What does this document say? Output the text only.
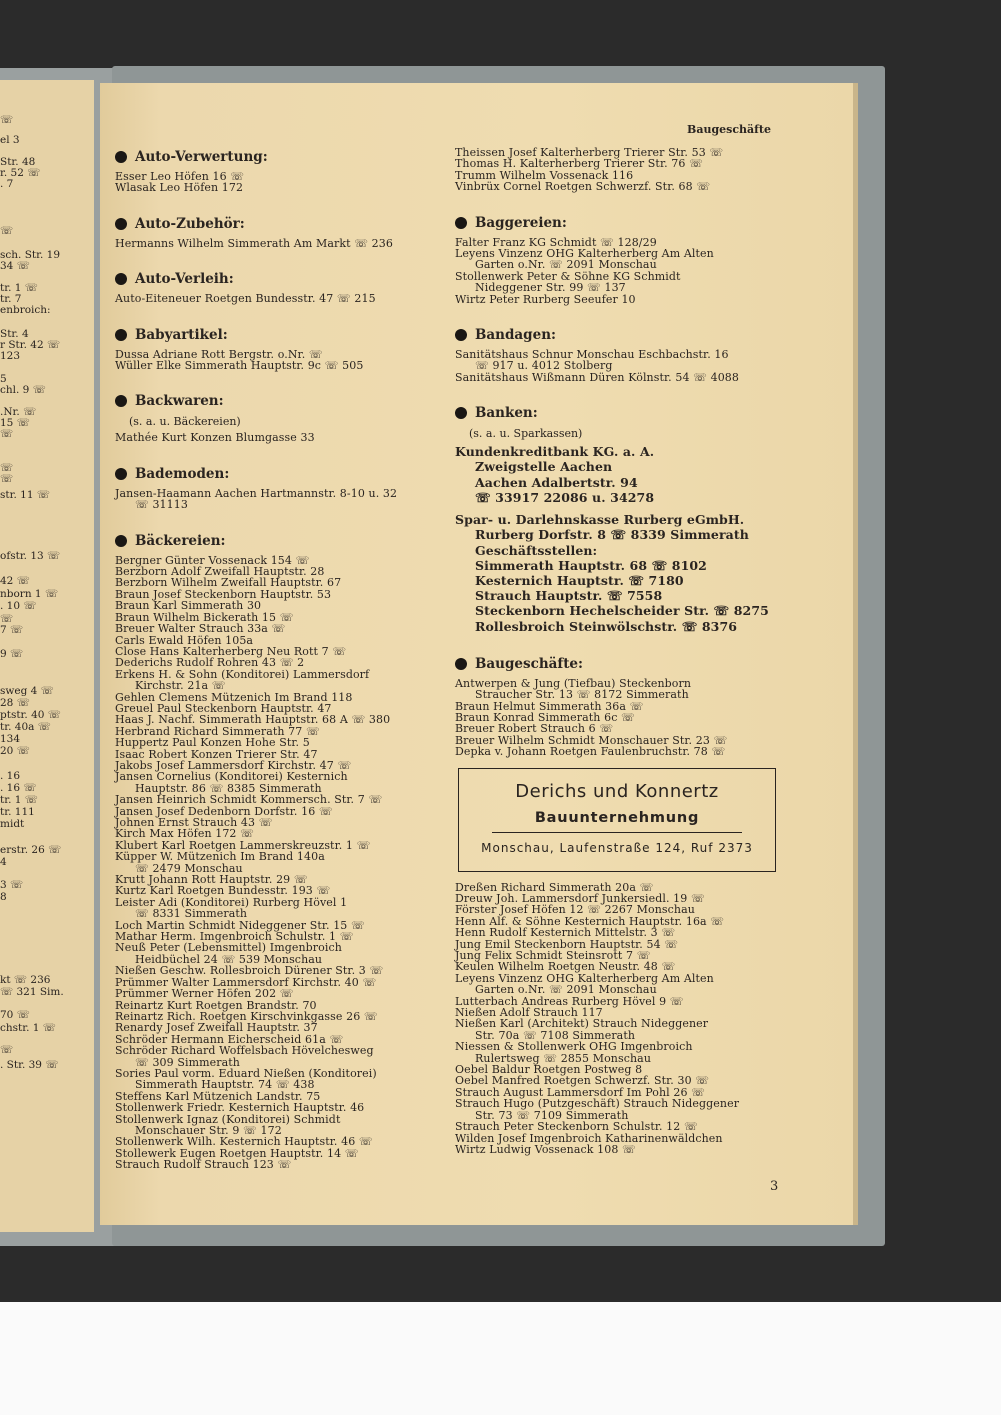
☏
el 3
Str. 48
r. 52 ☏
. 7
☏
sch. Str. 19
34 ☏
tr. 1 ☏
tr. 7
enbroich:
Str. 4
r Str. 42 ☏
123
5
chl. 9 ☏
.Nr. ☏
15 ☏
☏
☏
☏
str. 11 ☏
ofstr. 13 ☏
42 ☏
nborn 1 ☏
. 10 ☏
☏
7 ☏
9 ☏
sweg 4 ☏
28 ☏
ptstr. 40 ☏
tr. 40a ☏
134
20 ☏
. 16
. 16 ☏
tr. 1 ☏
tr. 111
midt
erstr. 26 ☏
4
3 ☏
8
kt ☏ 236
☏ 321 Sim.
70 ☏
chstr. 1 ☏
☏
. Str. 39 ☏
Baugeschäfte
Auto-Verwertung:
Esser Leo Höfen 16 ☏
Wlasak Leo Höfen 172
Auto-Zubehör:
Hermanns Wilhelm Simmerath Am Markt ☏ 236
Auto-Verleih:
Auto-Eitenеuer Roetgen Bundesstr. 47 ☏ 215
Babyartikel:
Dussa Adriane Rott Bergstr. o.Nr. ☏
Wüller Elke Simmerath Hauptstr. 9c ☏ 505
Backwaren:
(s. a. u. Bäckereien)
Mathée Kurt Konzen Blumgasse 33
Bademoden:
Jansen-Haamann Aachen Hartmannstr. 8-10 u. 32
☏ 31113
Bäckereien:
Bergner Günter Vossenack 154 ☏
Berzborn Adolf Zweifall Hauptstr. 28
Berzborn Wilhelm Zweifall Hauptstr. 67
Braun Josef Steckenborn Hauptstr. 53
Braun Karl Simmerath 30
Braun Wilhelm Bickerath 15 ☏
Breuer Walter Strauch 33a ☏
Carls Ewald Höfen 105a
Close Hans Kalterherberg Neu Rott 7 ☏
Dederichs Rudolf Rohren 43 ☏ 2
Erkens H. & Sohn (Konditorei) Lammersdorf
Kirchstr. 21a ☏
Gehlen Clemens Mützenich Im Brand 118
Greuel Paul Steckenborn Hauptstr. 47
Haas J. Nachf. Simmerath Hauptstr. 68 A ☏ 380
Herbrand Richard Simmerath 77 ☏
Huppertz Paul Konzen Hohe Str. 5
Isaac Robert Konzen Trierer Str. 47
Jakobs Josef Lammersdorf Kirchstr. 47 ☏
Jansen Cornelius (Konditorei) Kesternich
Hauptstr. 86 ☏ 8385 Simmerath
Jansen Heinrich Schmidt Kommersch. Str. 7 ☏
Jansen Josef Dedenborn Dorfstr. 16 ☏
Johnen Ernst Strauch 43 ☏
Kirch Max Höfen 172 ☏
Klubert Karl Roetgen Lammerskreuzstr. 1 ☏
Küpper W. Mützenich Im Brand 140a
☏ 2479 Monschau
Krutt Johann Rott Hauptstr. 29 ☏
Kurtz Karl Roetgen Bundesstr. 193 ☏
Leister Adi (Konditorei) Rurberg Hövel 1
☏ 8331 Simmerath
Loch Martin Schmidt Nideggener Str. 15 ☏
Mathar Herm. Imgenbroich Schulstr. 1 ☏
Neuß Peter (Lebensmittel) Imgenbroich
Heidbüchel 24 ☏ 539 Monschau
Nießen Geschw. Rollesbroich Dürener Str. 3 ☏
Prümmer Walter Lammersdorf Kirchstr. 40 ☏
Prümmer Werner Höfen 202 ☏
Reinartz Kurt Roetgen Brandstr. 70
Reinartz Rich. Roetgen Kirschvinkgasse 26 ☏
Renardy Josef Zweifall Hauptstr. 37
Schröder Hermann Eicherscheid 61a ☏
Schröder Richard Woffelsbach Hövelchesweg
☏ 309 Simmerath
Sories Paul vorm. Eduard Nießen (Konditorei)
Simmerath Hauptstr. 74 ☏ 438
Steffens Karl Mützenich Landstr. 75
Stollenwerk Friedr. Kesternich Hauptstr. 46
Stollenwerk Ignaz (Konditorei) Schmidt
Monschauer Str. 9 ☏ 172
Stollenwerk Wilh. Kesternich Hauptstr. 46 ☏
Stollewerk Eugen Roetgen Hauptstr. 14 ☏
Strauch Rudolf Strauch 123 ☏
Theissen Josef Kalterherberg Trierer Str. 53 ☏
Thomas H. Kalterherberg Trierer Str. 76 ☏
Trumm Wilhelm Vossenack 116
Vinbrüx Cornel Roetgen Schwerzf. Str. 68 ☏
Baggereien:
Falter Franz KG Schmidt ☏ 128/29
Leyens Vinzenz OHG Kalterherberg Am Alten
Garten o.Nr. ☏ 2091 Monschau
Stollenwerk Peter & Söhne KG Schmidt
Nideggener Str. 99 ☏ 137
Wirtz Peter Rurberg Seeufer 10
Bandagen:
Sanitätshaus Schnur Monschau Eschbachstr. 16
☏ 917 u. 4012 Stolberg
Sanitätshaus Wißmann Düren Kölnstr. 54 ☏ 4088
Banken:
(s. a. u. Sparkassen)
Kundenkreditbank KG. a. A.
Zweigstelle Aachen
Aachen Adalbertstr. 94
☏ 33917 22086 u. 34278
Spar- u. Darlehnskasse Rurberg eGmbH.
Rurberg Dorfstr. 8 ☏ 8339 Simmerath
Geschäftsstellen:
Simmerath Hauptstr. 68 ☏ 8102
Kesternich Hauptstr. ☏ 7180
Strauch Hauptstr. ☏ 7558
Steckenborn Hechelscheider Str. ☏ 8275
Rollesbroich Steinwölschstr. ☏ 8376
Baugeschäfte:
Antwerpen & Jung (Tiefbau) Steckenborn
Straucher Str. 13 ☏ 8172 Simmerath
Braun Helmut Simmerath 36a ☏
Braun Konrad Simmerath 6c ☏
Breuer Robert Strauch 6 ☏
Breuer Wilhelm Schmidt Monschauer Str. 23 ☏
Depka v. Johann Roetgen Faulenbruchstr. 78 ☏
Derichs und Konnertz
Bauunternehmung
Monschau, Laufenstraße 124, Ruf 2373
Dreßen Richard Simmerath 20a ☏
Dreuw Joh. Lammersdorf Junkersiedl. 19 ☏
Förster Josef Höfen 12 ☏ 2267 Monschau
Henn Alf. & Söhne Kesternich Hauptstr. 16a ☏
Henn Rudolf Kesternich Mittelstr. 3 ☏
Jung Emil Steckenborn Hauptstr. 54 ☏
Jung Felix Schmidt Steinsrott 7 ☏
Keulen Wilhelm Roetgen Neustr. 48 ☏
Leyens Vinzenz OHG Kalterherberg Am Alten
Garten o.Nr. ☏ 2091 Monschau
Lutterbach Andreas Rurberg Hövel 9 ☏
Nießen Adolf Strauch 117
Nießen Karl (Architekt) Strauch Nideggener
Str. 70a ☏ 7108 Simmerath
Niessen & Stollenwerk OHG Imgenbroich
Rulertsweg ☏ 2855 Monschau
Oebel Baldur Roetgen Postweg 8
Oebel Manfred Roetgen Schwerzf. Str. 30 ☏
Strauch August Lammersdorf Im Pohl 26 ☏
Strauch Hugo (Putzgeschäft) Strauch Nideggener
Str. 73 ☏ 7109 Simmerath
Strauch Peter Steckenborn Schulstr. 12 ☏
Wilden Josef Imgenbroich Katharinenwäldchen
Wirtz Ludwig Vossenack 108 ☏
3
